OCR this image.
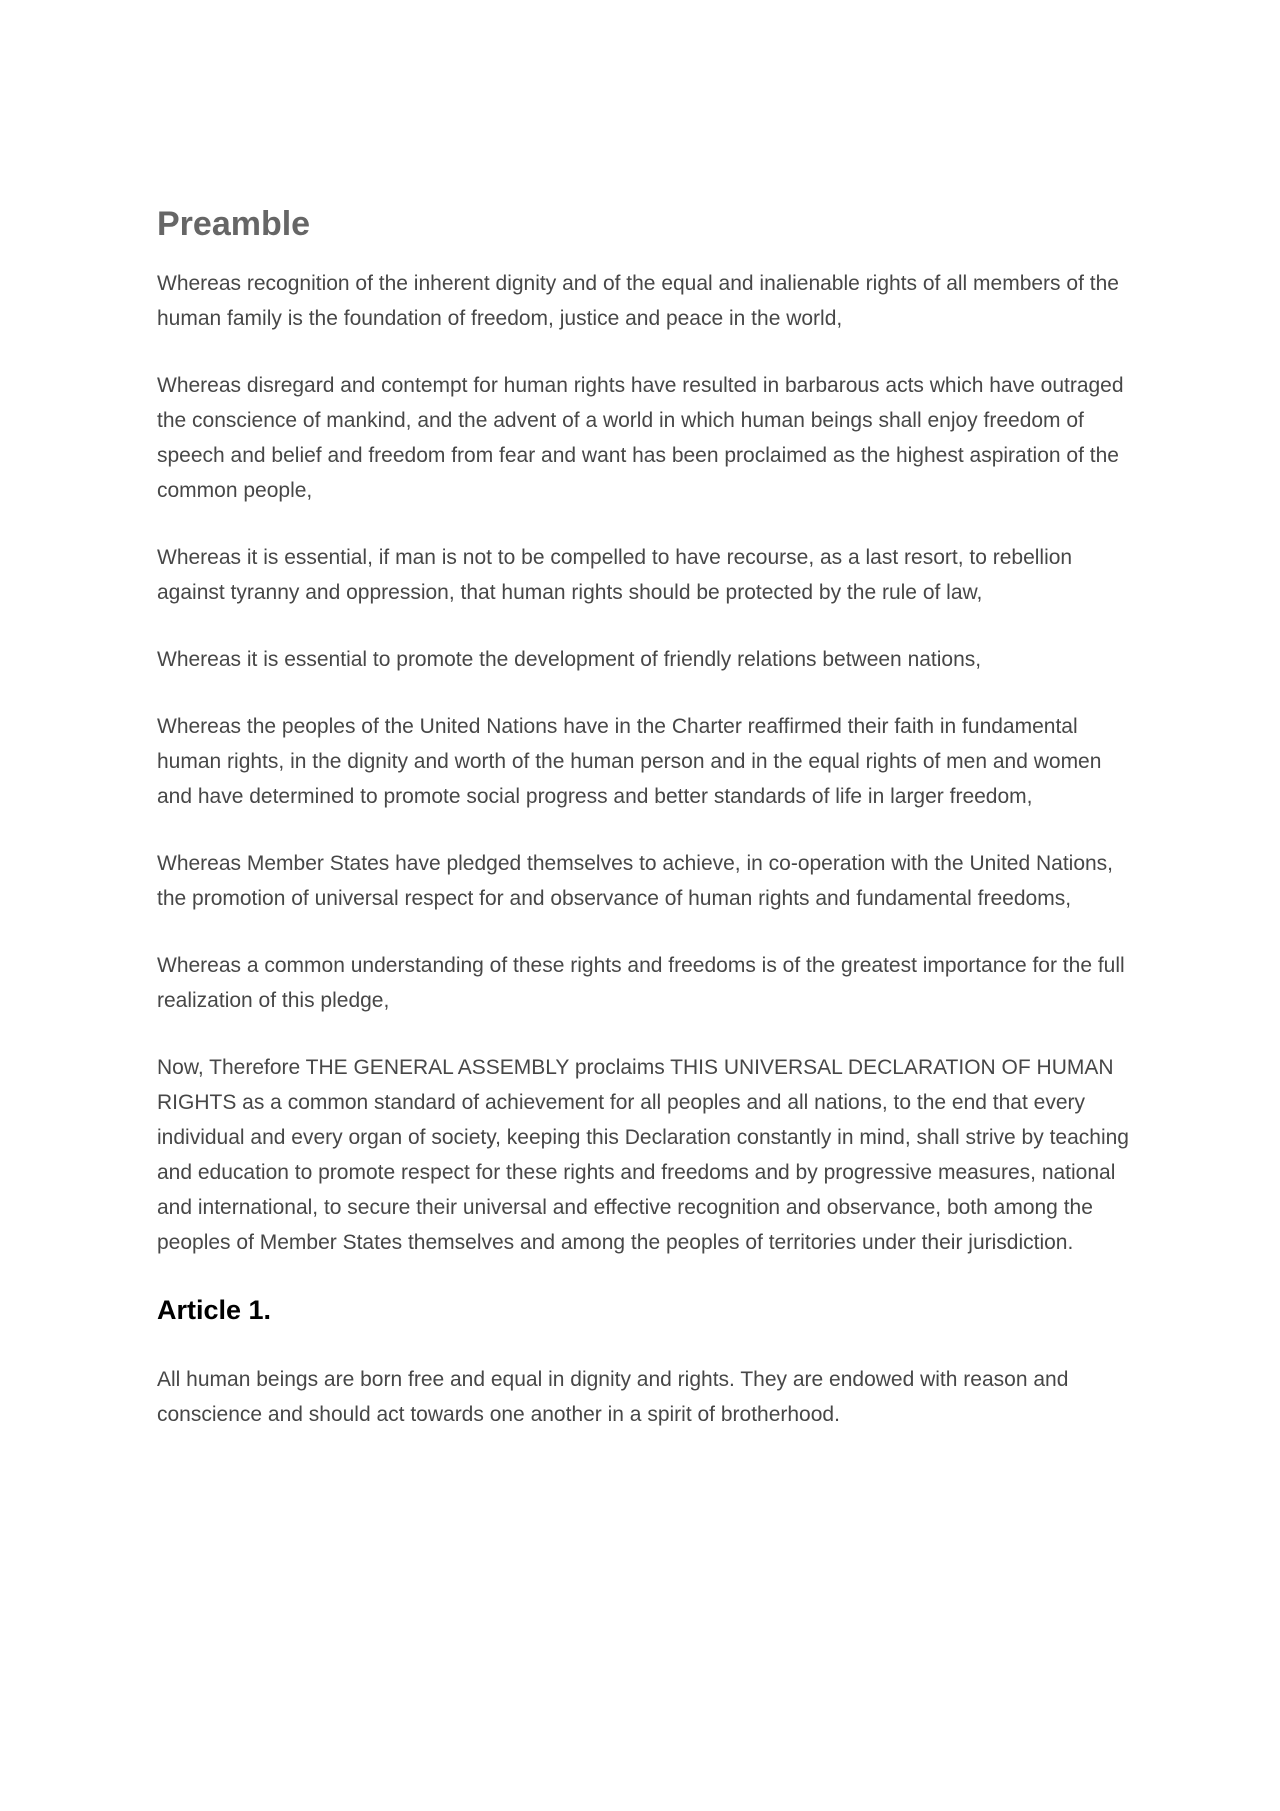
Preamble

Whereas recognition of the inherent dignity and of the equal and inalienable rights of all members of the human family is the foundation of freedom, justice and peace in the world,

Whereas disregard and contempt for human rights have resulted in barbarous acts which have outraged the conscience of mankind, and the advent of a world in which human beings shall enjoy freedom of speech and belief and freedom from fear and want has been proclaimed as the highest aspiration of the common people,

Whereas it is essential, if man is not to be compelled to have recourse, as a last resort, to rebellion against tyranny and oppression, that human rights should be protected by the rule of law,

Whereas it is essential to promote the development of friendly relations between nations,

Whereas the peoples of the United Nations have in the Charter reaffirmed their faith in fundamental human rights, in the dignity and worth of the human person and in the equal rights of men and women and have determined to promote social progress and better standards of life in larger freedom,

Whereas Member States have pledged themselves to achieve, in co-operation with the United Nations, the promotion of universal respect for and observance of human rights and fundamental freedoms,

Whereas a common understanding of these rights and freedoms is of the greatest importance for the full realization of this pledge,

Now, Therefore THE GENERAL ASSEMBLY proclaims THIS UNIVERSAL DECLARATION OF HUMAN RIGHTS as a common standard of achievement for all peoples and all nations, to the end that every individual and every organ of society, keeping this Declaration constantly in mind, shall strive by teaching and education to promote respect for these rights and freedoms and by progressive measures, national and international, to secure their universal and effective recognition and observance, both among the peoples of Member States themselves and among the peoples of territories under their jurisdiction.

Article 1.

All human beings are born free and equal in dignity and rights. They are endowed with reason and conscience and should act towards one another in a spirit of brotherhood.
